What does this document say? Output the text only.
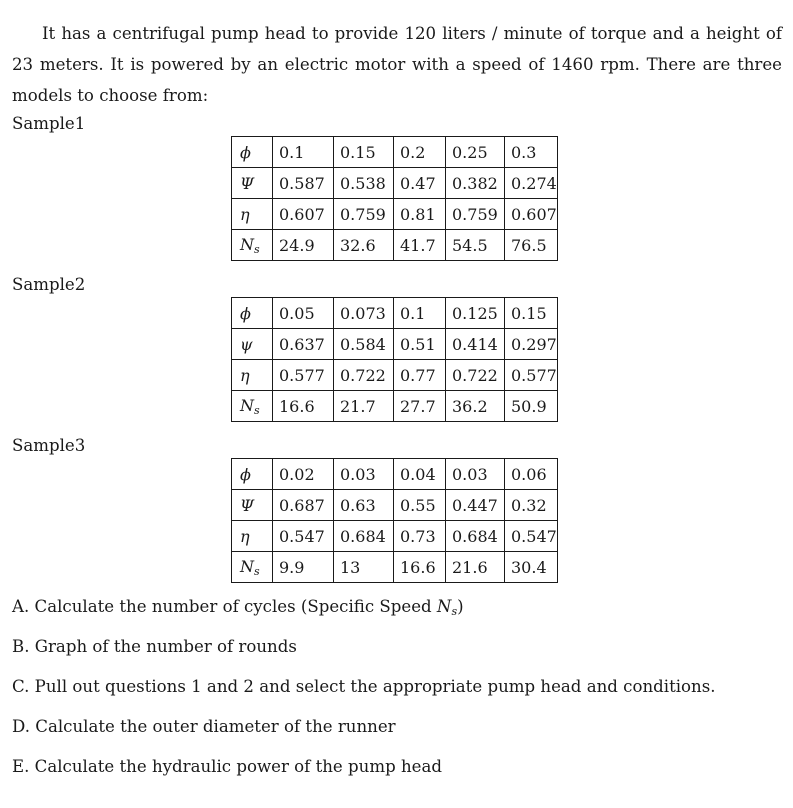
It has a centrifugal pump head to provide 120 liters / minute of torque and a height of 23 meters. It is powered by an electric motor with a speed of 1460 rpm. There are three models to choose from:
Sample1
ϕ	0.1	0.15	0.2	0.25	0.3
Ψ	0.587	0.538	0.47	0.382	0.274
η	0.607	0.759	0.81	0.759	0.607
$N_s$	24.9	32.6	41.7	54.5	76.5
Sample2
ϕ	0.05	0.073	0.1	0.125	0.15
ψ	0.637	0.584	0.51	0.414	0.297
η	0.577	0.722	0.77	0.722	0.577
$N_s$	16.6	21.7	27.7	36.2	50.9
Sample3
ϕ	0.02	0.03	0.04	0.03	0.06
Ψ	0.687	0.63	0.55	0.447	0.32
η	0.547	0.684	0.73	0.684	0.547
$N_s$	9.9	13	16.6	21.6	30.4
A. Calculate the number of cycles (Specific Speed $N_s$)
B. Graph of the number of rounds
C. Pull out questions 1 and 2 and select the appropriate pump head and conditions.
D. Calculate the outer diameter of the runner
E. Calculate the hydraulic power of the pump head
